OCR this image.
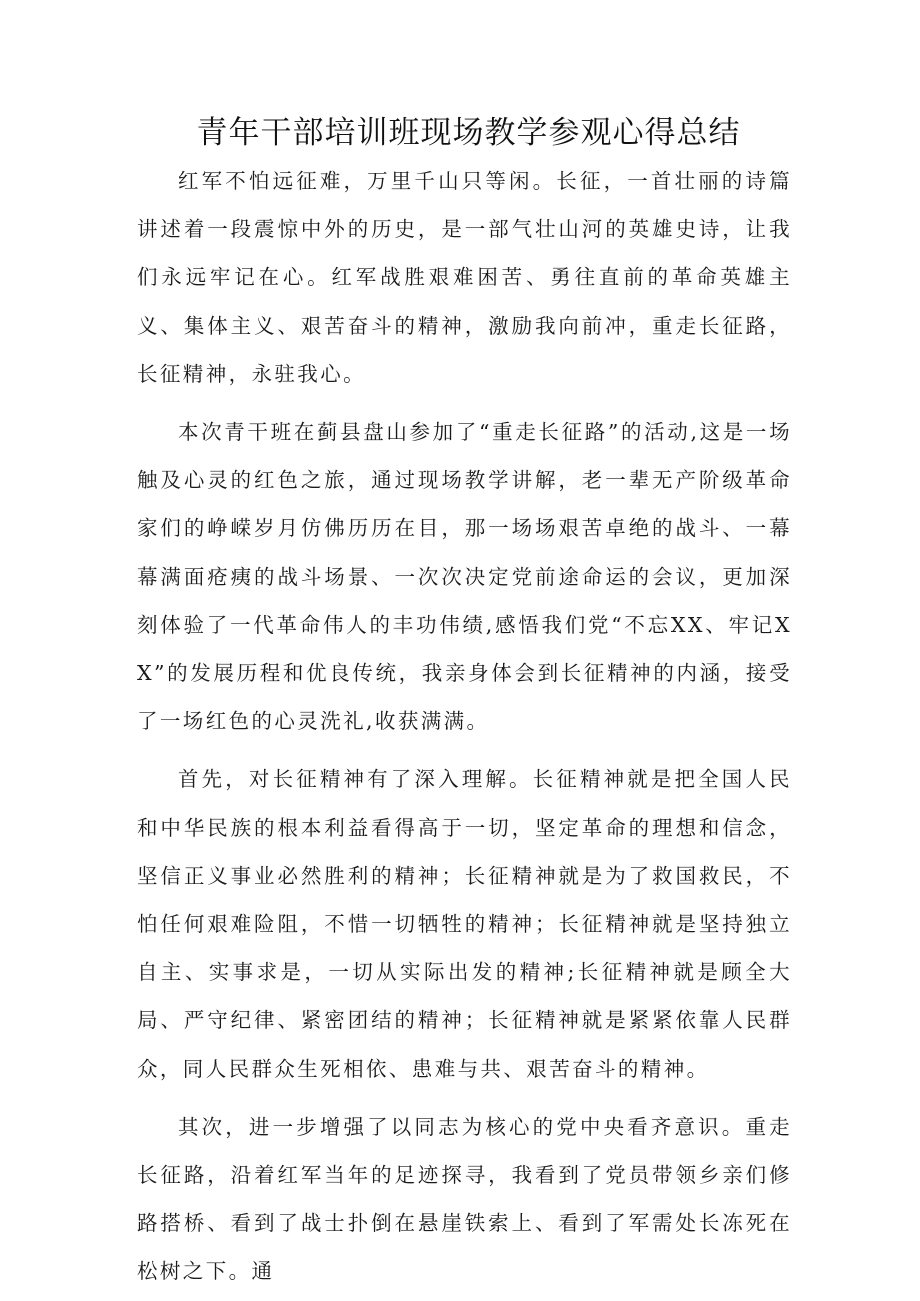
青年干部培训班现场教学参观心得总结

红军不怕远征难，万里千山只等闲。长征，一首壮丽的诗篇讲述着一段震惊中外的历史，是一部气壮山河的英雄史诗，让我们永远牢记在心。红军战胜艰难困苦、勇往直前的革命英雄主义、集体主义、艰苦奋斗的精神，激励我向前冲，重走长征路，长征精神，永驻我心。

本次青干班在蓟县盘山参加了“重走长征路”的活动,这是一场触及心灵的红色之旅，通过现场教学讲解，老一辈无产阶级革命家们的峥嵘岁月仿佛历历在目，那一场场艰苦卓绝的战斗、一幕幕满面疮痍的战斗场景、一次次决定党前途命运的会议，更加深刻体验了一代革命伟人的丰功伟绩,感悟我们党“不忘XX、牢记XX”的发展历程和优良传统，我亲身体会到长征精神的内涵，接受了一场红色的心灵洗礼,收获满满。

首先，对长征精神有了深入理解。长征精神就是把全国人民和中华民族的根本利益看得高于一切，坚定革命的理想和信念，坚信正义事业必然胜利的精神；长征精神就是为了救国救民，不怕任何艰难险阻，不惜一切牺牲的精神；长征精神就是坚持独立自主、实事求是，一切从实际出发的精神;长征精神就是顾全大局、严守纪律、紧密团结的精神；长征精神就是紧紧依靠人民群众，同人民群众生死相依、患难与共、艰苦奋斗的精神。

其次，进一步增强了以同志为核心的党中央看齐意识。重走长征路，沿着红军当年的足迹探寻，我看到了党员带领乡亲们修路搭桥、看到了战士扑倒在悬崖铁索上、看到了军需处长冻死在松树之下。通
